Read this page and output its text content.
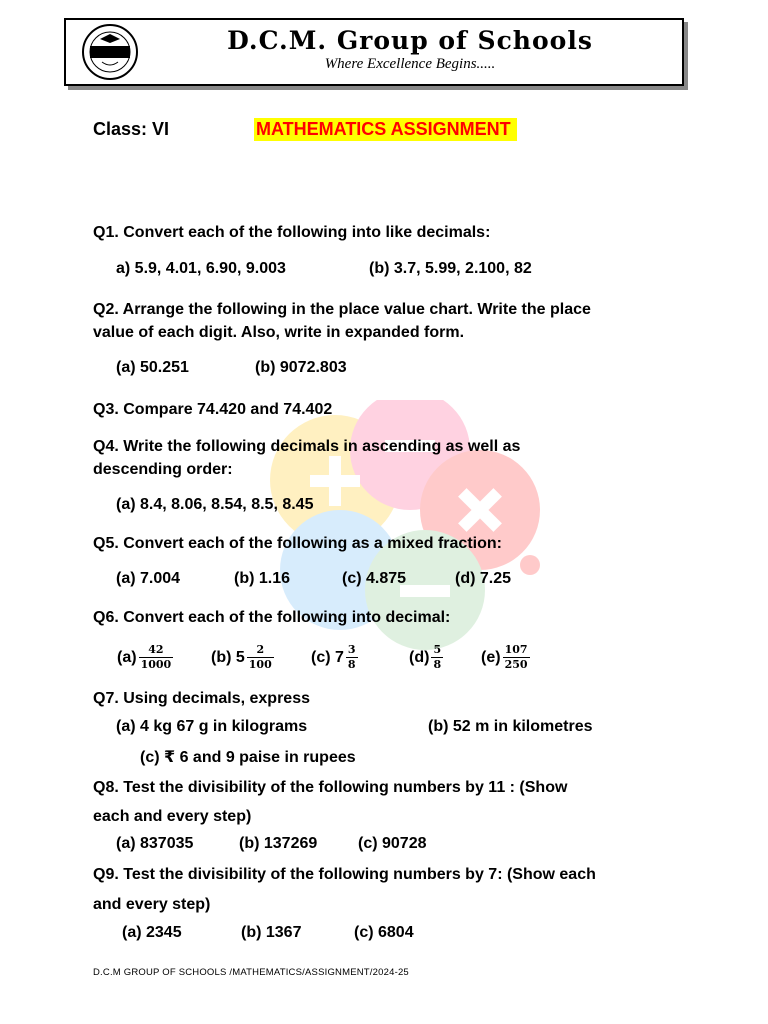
D.C.M. Group of Schools
Where Excellence Begins.....
Class: VI	MATHEMATICS ASSIGNMENT
Q1. Convert each of the following into like decimals:
a) 5.9, 4.01, 6.90, 9.003	(b) 3.7, 5.99, 2.100, 82
Q2. Arrange the following in the place value chart. Write the place
value of each digit. Also, write in expanded form.
(a) 50.251	(b) 9072.803
Q3. Compare 74.420 and 74.402
Q4. Write the following decimals in ascending as well as
descending order:
(a) 8.4, 8.06, 8.54, 8.5, 8.45
Q5. Convert each of the following as a mixed fraction:
(a) 7.004	(b) 1.16	(c) 4.875	(d) 7.25
Q6. Convert each of the following into decimal:
$(a) \frac{42}{1000} (b)$ $5 \frac{2}{100} (c)$ $7 \frac{3}{8}$	$(d) \frac{5}{8} (e) \frac{107}{250}$
Q7. Using decimals, express
(a) 4 kg 67 g in kilograms	(b) 52 m in kilometres
(c) ₹ 6 and 9 paise in rupees
Q8. Test the divisibility of the following numbers by 11 : (Show
each and every step)
(a) 837035	(b) 137269	(c) 90728
Q9. Test the divisibility of the following numbers by 7: (Show each
and every step)
(a) 2345	(b) 1367	(c) 6804
D.C.M GROUP OF SCHOOLS /MATHEMATICS/ASSIGNMENT/2024-25
